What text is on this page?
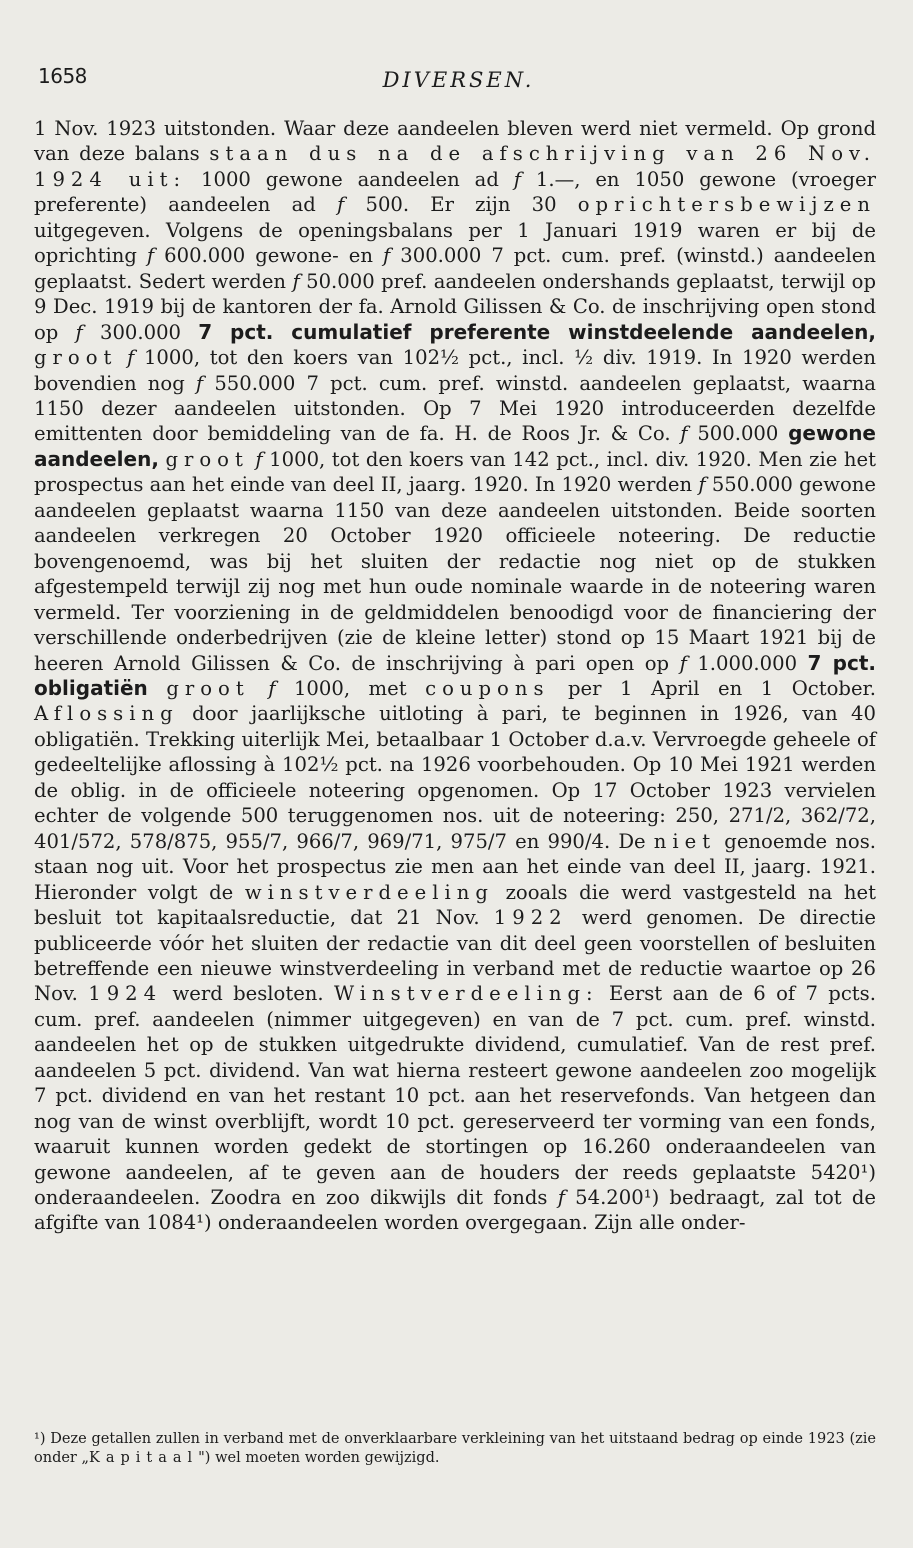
1658	DIVERSEN.

1 Nov. 1923 uitstonden. Waar deze aandeelen bleven werd niet vermeld. Op grond van deze balans staan dus na de afschrijving van 26 Nov. 1924 uit: 1000 gewone aandeelen ad f 1.—, en 1050 gewone (vroeger preferente) aandeelen ad f 500. Er zijn 30 oprichtersbewijzen uitgegeven. Volgens de openingsbalans per 1 Januari 1919 waren er bij de oprichting f 600.000 gewone- en f 300.000 7 pct. cum. pref. (winstd.) aandeelen geplaatst. Sedert werden f 50.000 pref. aandeelen ondershands geplaatst, terwijl op 9 Dec. 1919 bij de kantoren der fa. Arnold Gilissen & Co. de inschrijving open stond op f 300.000 7 pct. cumulatief preferente winstdeelende aandeelen, groot f 1000, tot den koers van 102½ pct., incl. ½ div. 1919. In 1920 werden bovendien nog f 550.000 7 pct. cum. pref. winstd. aandeelen geplaatst, waarna 1150 dezer aandeelen uitstonden. Op 7 Mei 1920 introduceerden dezelfde emittenten door bemiddeling van de fa. H. de Roos Jr. & Co. f 500.000 gewone aandeelen, groot f 1000, tot den koers van 142 pct., incl. div. 1920. Men zie het prospectus aan het einde van deel II, jaarg. 1920. In 1920 werden f 550.000 gewone aandeelen geplaatst waarna 1150 van deze aandeelen uitstonden. Beide soorten aandeelen verkregen 20 October 1920 officieele noteering. De reductie bovengenoemd, was bij het sluiten der redactie nog niet op de stukken afgestempeld terwijl zij nog met hun oude nominale waarde in de noteering waren vermeld. Ter voorziening in de geldmiddelen benoodigd voor de financiering der verschillende onderbedrijven (zie de kleine letter) stond op 15 Maart 1921 bij de heeren Arnold Gilissen & Co. de inschrijving à pari open op f 1.000.000 7 pct. obligatiën groot f 1000, met coupons per 1 April en 1 October. Aflossing door jaarlijksche uitloting à pari, te beginnen in 1926, van 40 obligatiën. Trekking uiterlijk Mei, betaalbaar 1 October d.a.v. Vervroegde geheele of gedeeltelijke aflossing à 102½ pct. na 1926 voorbehouden. Op 10 Mei 1921 werden de oblig. in de officieele noteering opgenomen. Op 17 October 1923 vervielen echter de volgende 500 teruggenomen nos. uit de noteering: 250, 271/2, 362/72, 401/572, 578/875, 955/7, 966/7, 969/71, 975/7 en 990/4. De niet genoemde nos. staan nog uit. Voor het prospectus zie men aan het einde van deel II, jaarg. 1921. Hieronder volgt de winstverdeeling zooals die werd vastgesteld na het besluit tot kapitaalsreductie, dat 21 Nov. 1922 werd genomen. De directie publiceerde vóór het sluiten der redactie van dit deel geen voorstellen of besluiten betreffende een nieuwe winstverdeeling in verband met de reductie waartoe op 26 Nov. 1924 werd besloten. Winstverdeeling: Eerst aan de 6 of 7 pcts. cum. pref. aandeelen (nimmer uitgegeven) en van de 7 pct. cum. pref. winstd. aandeelen het op de stukken uitgedrukte dividend, cumulatief. Van de rest pref. aandeelen 5 pct. dividend. Van wat hierna resteert gewone aandeelen zoo mogelijk 7 pct. dividend en van het restant 10 pct. aan het reservefonds. Van hetgeen dan nog van de winst overblijft, wordt 10 pct. gereserveerd ter vorming van een fonds, waaruit kunnen worden gedekt de stortingen op 16.260 onderaandeelen van gewone aandeelen, af te geven aan de houders der reeds geplaatste 5420¹) onderaandeelen. Zoodra en zoo dikwijls dit fonds f 54.200¹) bedraagt, zal tot de afgifte van 1084¹) onderaandeelen worden overgegaan. Zijn alle onder-

¹) Deze getallen zullen in verband met de onverklaarbare verkleining van het uitstaand bedrag op einde 1923 (zie onder „Kapitaal") wel moeten worden gewijzigd.
